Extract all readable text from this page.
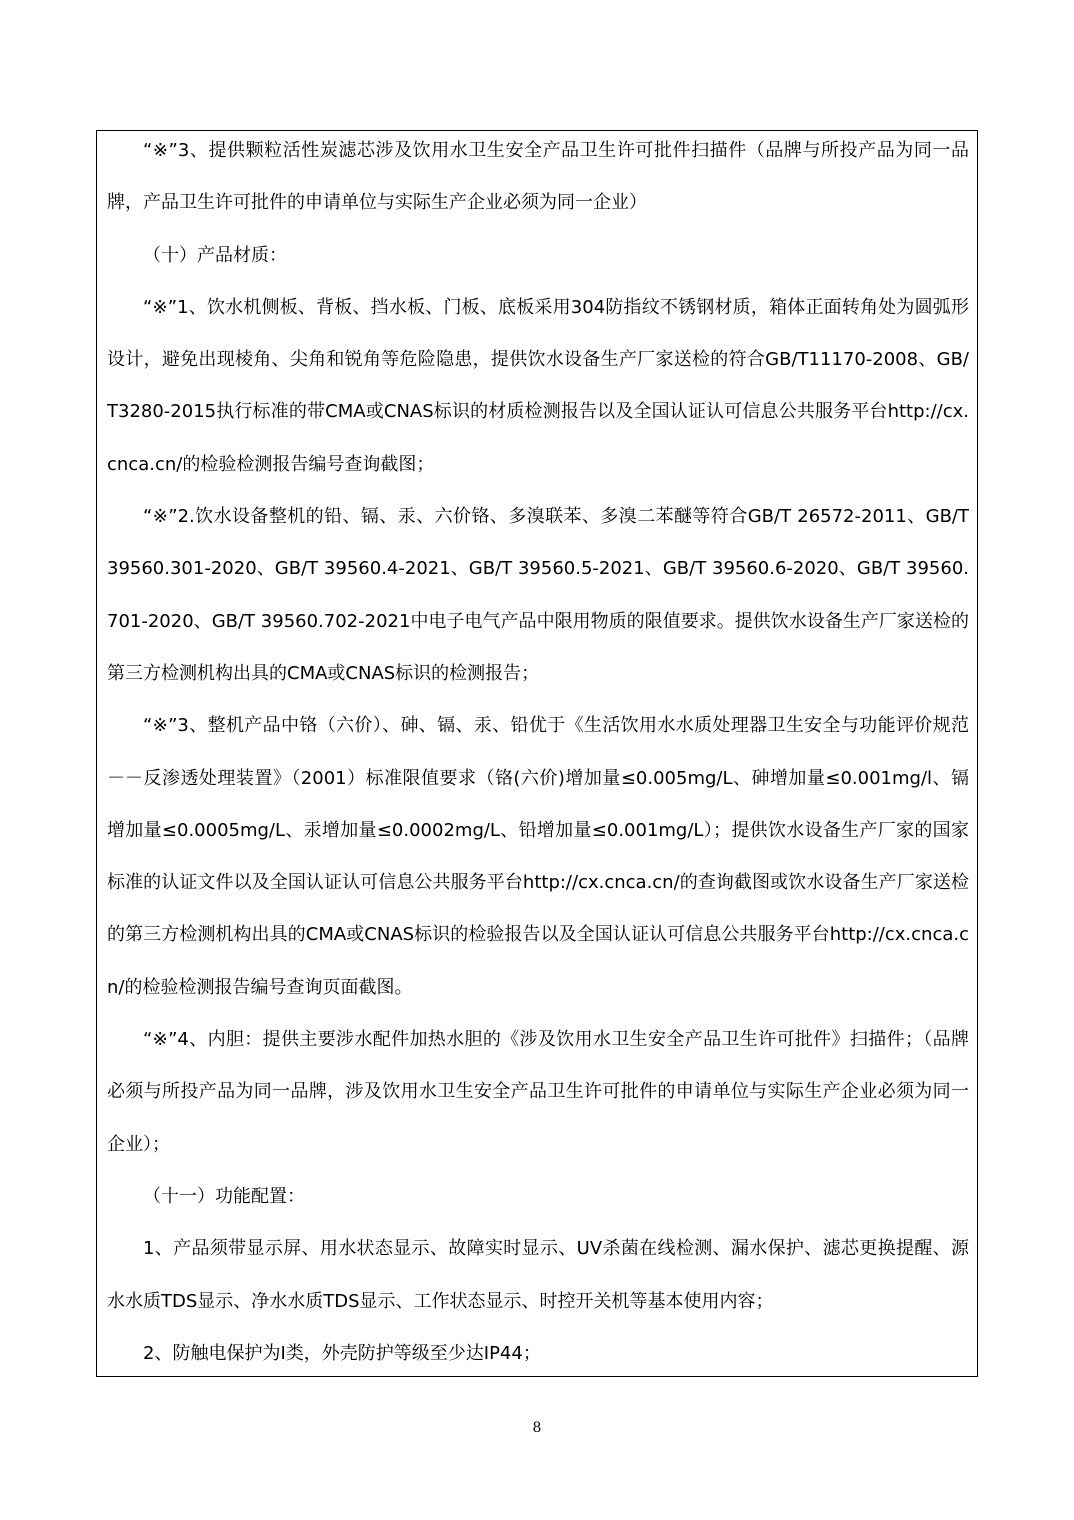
“※”3、提供颗粒活性炭滤芯涉及饮用水卫生安全产品卫生许可批件扫描件（品牌与所投产品为同一品牌，产品卫生许可批件的申请单位与实际生产企业必须为同一企业）

（十）产品材质：

“※”1、饮水机侧板、背板、挡水板、门板、底板采用304防指纹不锈钢材质，箱体正面转角处为圆弧形设计，避免出现棱角、尖角和锐角等危险隐患，提供饮水设备生产厂家送检的符合GB/T11170-2008、GB/T3280-2015执行标准的带CMA或CNAS标识的材质检测报告以及全国认证认可信息公共服务平台http://cx.cnca.cn/的检验检测报告编号查询截图；

“※”2.饮水设备整机的铅、镉、汞、六价铬、多溴联苯、多溴二苯醚等符合GB/T 26572-2011、GB/T 39560.301-2020、GB/T 39560.4-2021、GB/T 39560.5-2021、GB/T 39560.6-2020、GB/T 39560.701-2020、GB/T 39560.702-2021中电子电气产品中限用物质的限值要求。提供饮水设备生产厂家送检的第三方检测机构出具的CMA或CNAS标识的检测报告；

“※”3、整机产品中铬（六价）、砷、镉、汞、铅优于《生活饮用水水质处理器卫生安全与功能评价规范－－反渗透处理装置》（2001）标准限值要求（铬(六价)增加量≤0.005mg/L、砷增加量≤0.001mg/l、镉增加量≤0.0005mg/L、汞增加量≤0.0002mg/L、铅增加量≤0.001mg/L）；提供饮水设备生产厂家的国家标准的认证文件以及全国认证认可信息公共服务平台http://cx.cnca.cn/的查询截图或饮水设备生产厂家送检的第三方检测机构出具的CMA或CNAS标识的检验报告以及全国认证认可信息公共服务平台http://cx.cnca.cn/的检验检测报告编号查询页面截图。

“※”4、内胆：提供主要涉水配件加热水胆的《涉及饮用水卫生安全产品卫生许可批件》扫描件；（品牌必须与所投产品为同一品牌，涉及饮用水卫生安全产品卫生许可批件的申请单位与实际生产企业必须为同一企业）；

（十一）功能配置：

1、产品须带显示屏、用水状态显示、故障实时显示、UV杀菌在线检测、漏水保护、滤芯更换提醒、源水水质TDS显示、净水水质TDS显示、工作状态显示、时控开关机等基本使用内容；

2、防触电保护为I类，外壳防护等级至少达IP44；

8
